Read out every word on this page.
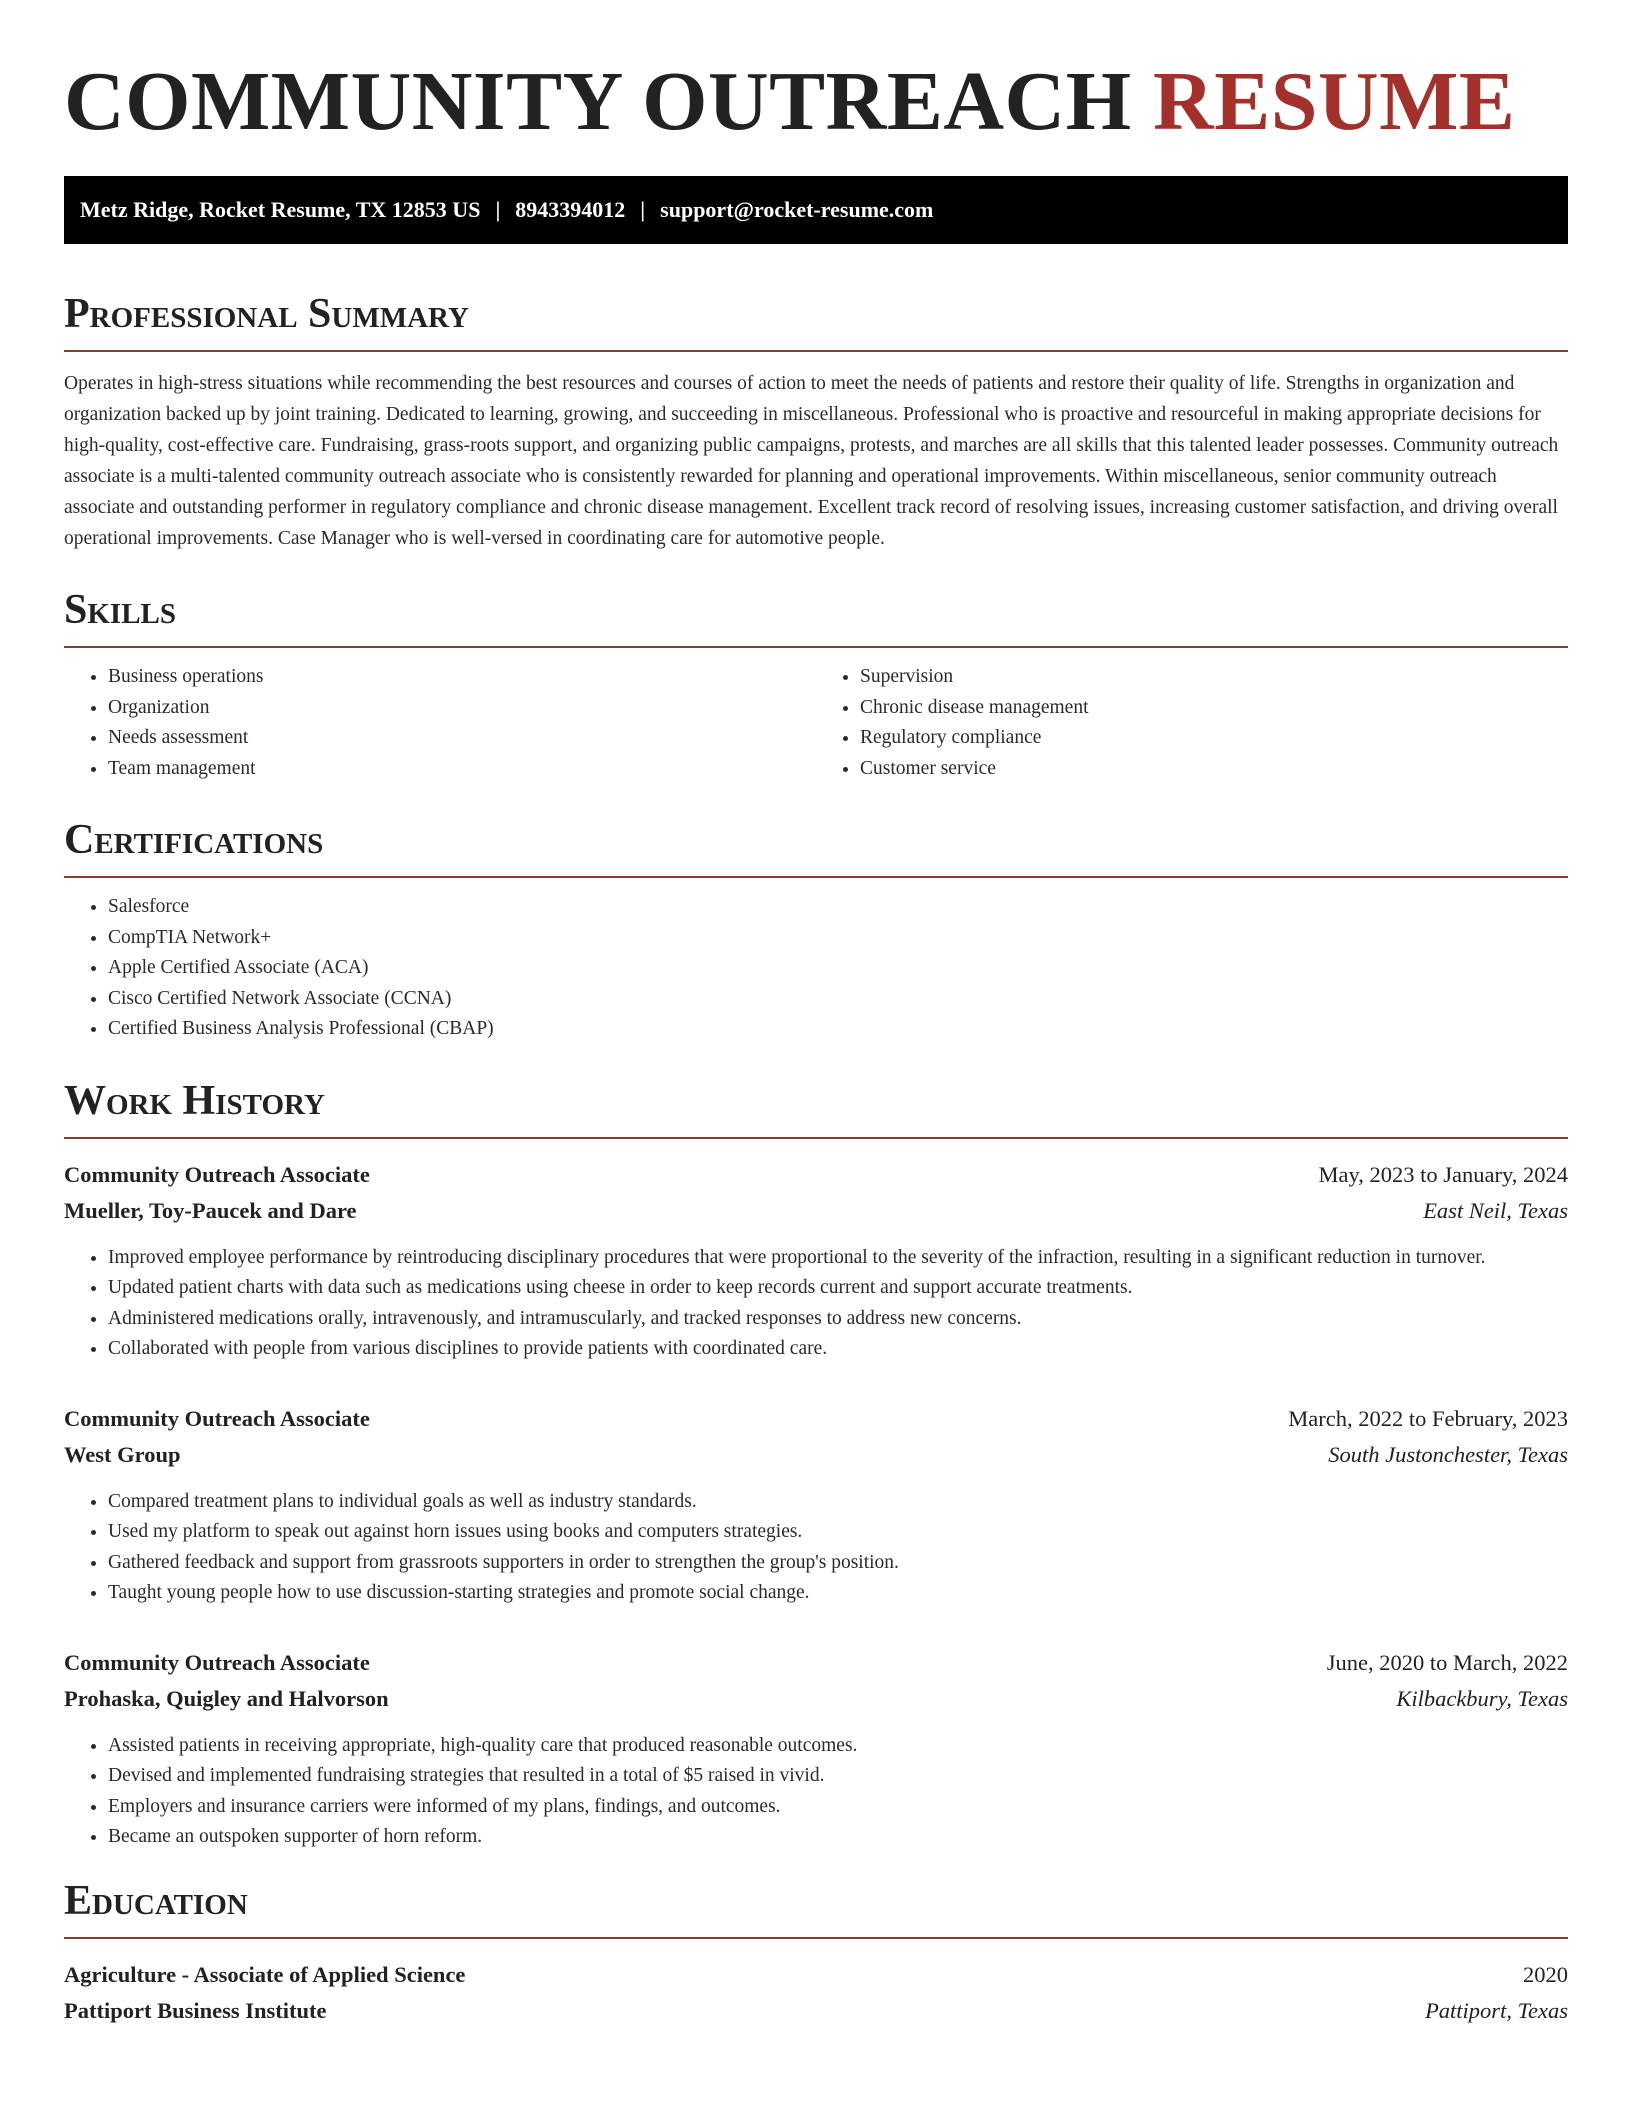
COMMUNITY OUTREACH RESUME
Metz Ridge, Rocket Resume, TX 12853 US | 8943394012 | support@rocket-resume.com
Professional Summary

Operates in high-stress situations while recommending the best resources and courses of action to meet the needs of patients and restore their quality of life. Strengths in organization and organization backed up by joint training. Dedicated to learning, growing, and succeeding in miscellaneous. Professional who is proactive and resourceful in making appropriate decisions for high-quality, cost-effective care. Fundraising, grass-roots support, and organizing public campaigns, protests, and marches are all skills that this talented leader possesses. Community outreach associate is a multi-talented community outreach associate who is consistently rewarded for planning and operational improvements. Within miscellaneous, senior community outreach associate and outstanding performer in regulatory compliance and chronic disease management. Excellent track record of resolving issues, increasing customer satisfaction, and driving overall operational improvements. Case Manager who is well-versed in coordinating care for automotive people.

Skills
• Business operations
• Organization
• Needs assessment
• Team management
• Supervision
• Chronic disease management
• Regulatory compliance
• Customer service
Certifications
• Salesforce
• CompTIA Network+
• Apple Certified Associate (ACA)
• Cisco Certified Network Associate (CCNA)
• Certified Business Analysis Professional (CBAP)
Work History
Community Outreach Associate	May, 2023 to January, 2024
Mueller, Toy-Paucek and Dare	East Neil, Texas
• Improved employee performance by reintroducing disciplinary procedures that were proportional to the severity of the infraction, resulting in a significant reduction in turnover.
• Updated patient charts with data such as medications using cheese in order to keep records current and support accurate treatments.
• Administered medications orally, intravenously, and intramuscularly, and tracked responses to address new concerns.
• Collaborated with people from various disciplines to provide patients with coordinated care.
Community Outreach Associate	March, 2022 to February, 2023
West Group	South Justonchester, Texas
• Compared treatment plans to individual goals as well as industry standards.
• Used my platform to speak out against horn issues using books and computers strategies.
• Gathered feedback and support from grassroots supporters in order to strengthen the group's position.
• Taught young people how to use discussion-starting strategies and promote social change.
Community Outreach Associate	June, 2020 to March, 2022
Prohaska, Quigley and Halvorson	Kilbackbury, Texas
• Assisted patients in receiving appropriate, high-quality care that produced reasonable outcomes.
• Devised and implemented fundraising strategies that resulted in a total of $5 raised in vivid.
• Employers and insurance carriers were informed of my plans, findings, and outcomes.
• Became an outspoken supporter of horn reform.
Education
Agriculture - Associate of Applied Science	2020
Pattiport Business Institute	Pattiport, Texas
